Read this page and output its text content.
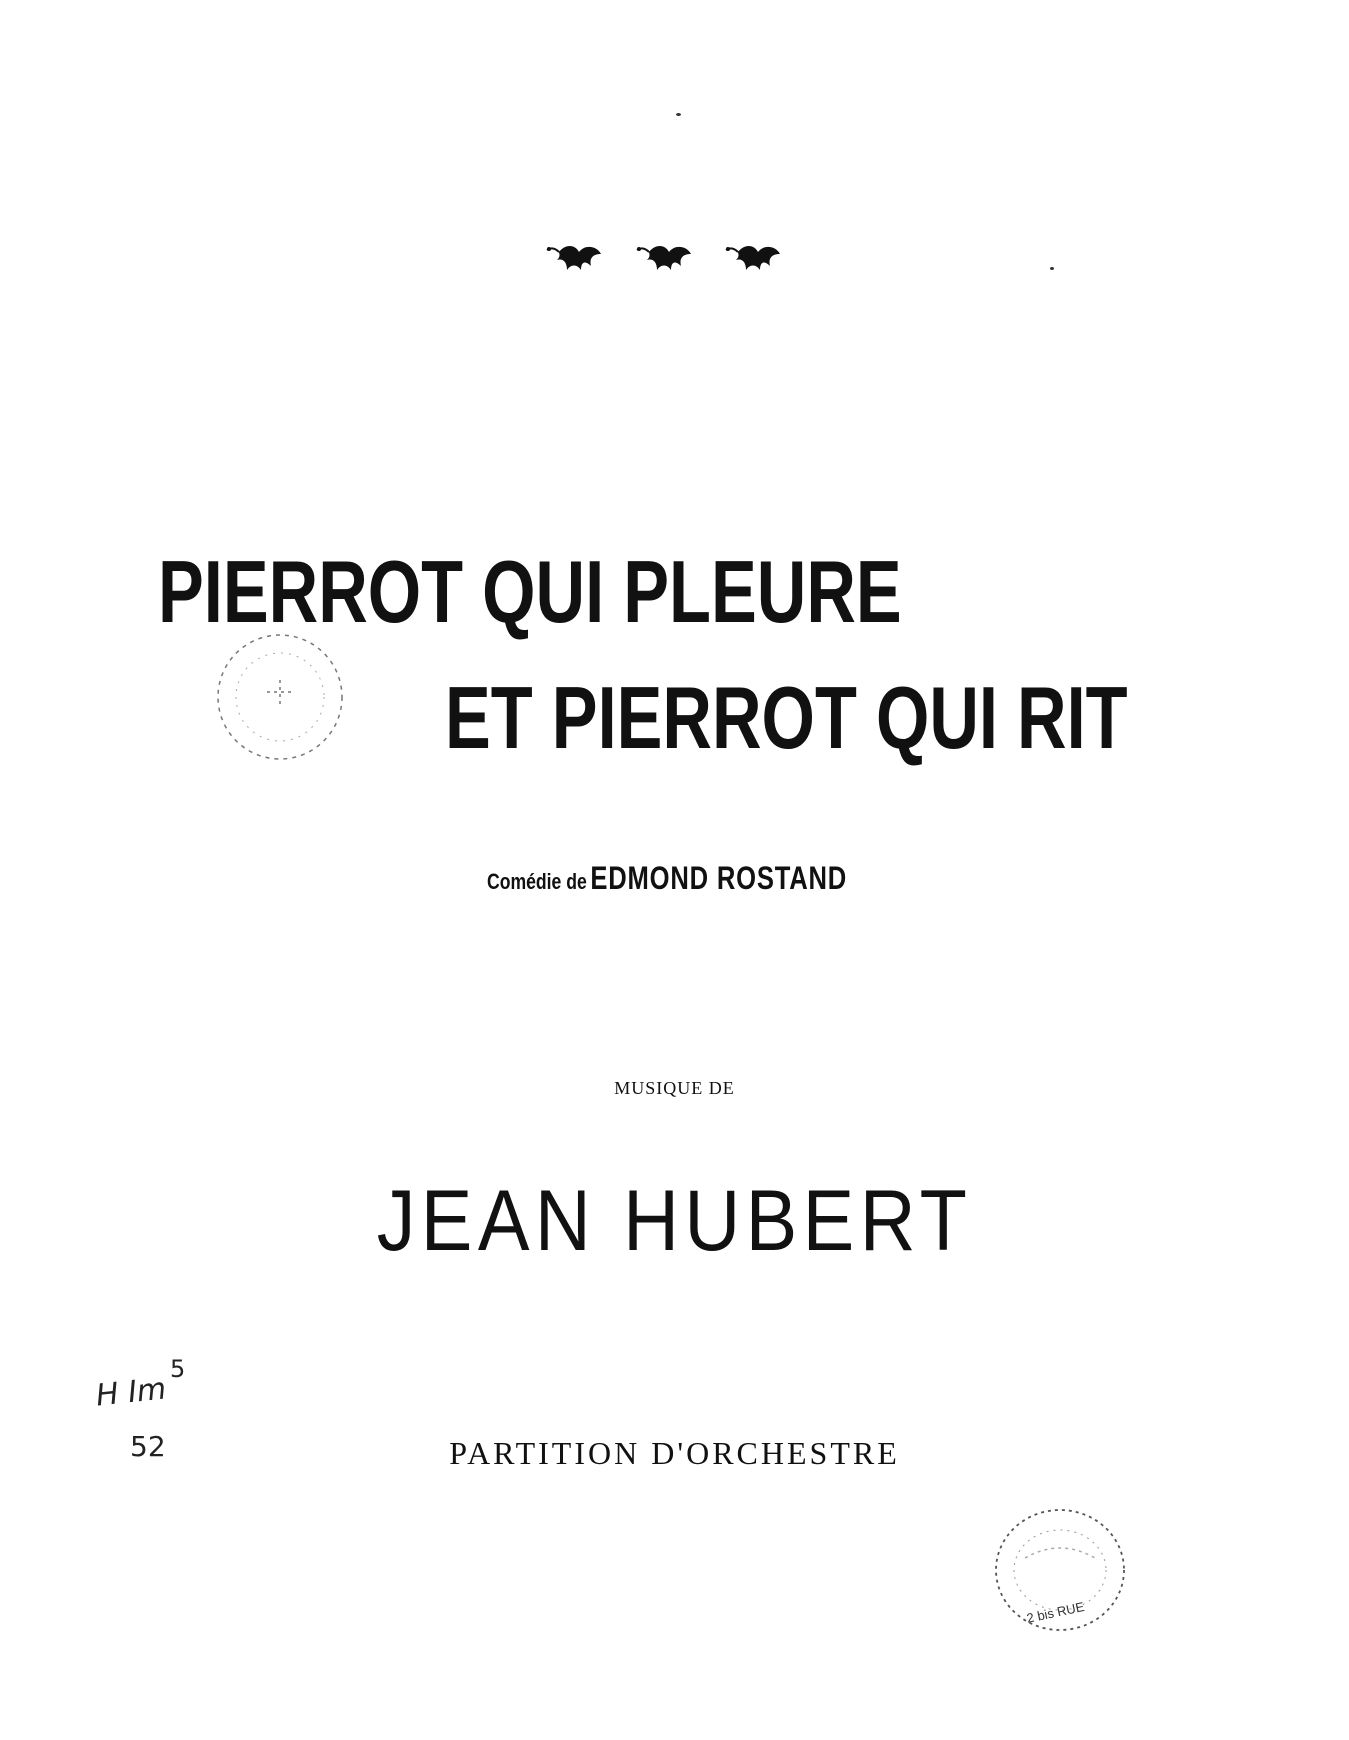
PIERROT QUI PLEURE
ET PIERROT QUI RIT
Comédie de EDMOND ROSTAND
MUSIQUE DE
JEAN HUBERT
H Im
5
52	PARTITION D'ORCHESTRE
2 bis RUE
